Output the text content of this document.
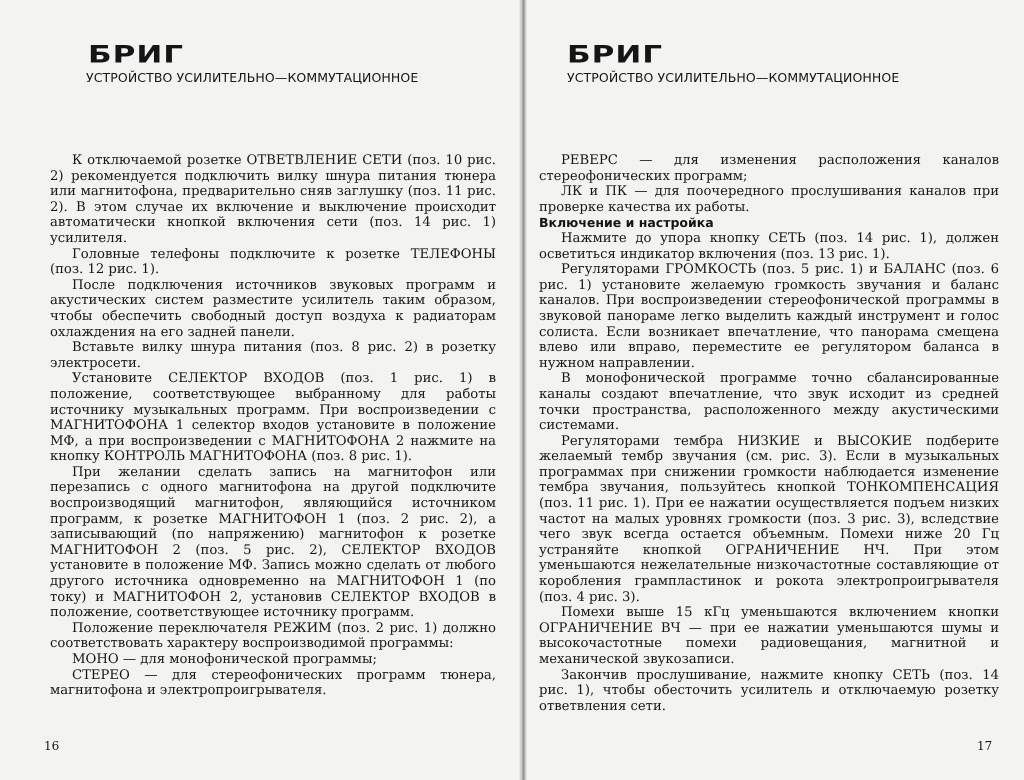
БРИГ
УСТРОЙСТВО УСИЛИТЕЛЬНО—КОММУТАЦИОННОЕ

К отключаемой розетке ОТВЕТВЛЕНИЕ СЕТИ (поз. 10 рис. 2) рекомендуется подключить вилку шнура питания тюнера или магнитофона, предварительно сняв заглушку (поз. 11 рис. 2). В этом случае их включение и выключение происходит автоматически кнопкой включения сети (поз. 14 рис. 1) усилителя.

Головные телефоны подключите к розетке ТЕЛЕФОНЫ (поз. 12 рис. 1).

После подключения источников звуковых программ и акустических систем разместите усилитель таким образом, чтобы обеспечить свободный доступ воздуха к радиаторам охлаждения на его задней панели.

Вставьте вилку шнура питания (поз. 8 рис. 2) в розетку электросети.

Установите СЕЛЕКТОР ВХОДОВ (поз. 1 рис. 1) в положение, соответствующее выбранному для работы источнику музыкальных программ. При воспроизведении с МАГНИТОФОНА 1 селектор входов установите в положение МФ, а при воспроизведении с МАГНИТОФОНА 2 нажмите на кнопку КОНТРОЛЬ МАГНИТОФОНА (поз. 8 рис. 1).

При желании сделать запись на магнитофон или перезапись с одного магнитофона на другой подключите воспроизводящий магнитофон, являющийся источником программ, к розетке МАГНИТОФОН 1 (поз. 2 рис. 2), а записывающий (по напряжению) магнитофон к розетке МАГНИТОФОН 2 (поз. 5 рис. 2), СЕЛЕКТОР ВХОДОВ установите в положение МФ. Запись можно сделать от любого другого источника одновременно на МАГНИТОФОН 1 (по току) и МАГНИТОФОН 2, установив СЕЛЕКТОР ВХОДОВ в положение, соответствующее источнику программ.

Положение переключателя РЕЖИМ (поз. 2 рис. 1) должно соответствовать характеру воспроизводимой программы:

МОНО — для монофонической программы;

СТЕРЕО — для стереофонических программ тюнера, магнитофона и электропроигрывателя.

16
БРИГ
УСТРОЙСТВО УСИЛИТЕЛЬНО—КОММУТАЦИОННОЕ

РЕВЕРС — для изменения расположения каналов стереофонических программ;

ЛК и ПК — для поочередного прослушивания каналов при проверке качества их работы.

Включение и настройка

Нажмите до упора кнопку СЕТЬ (поз. 14 рис. 1), должен осветиться индикатор включения (поз. 13 рис. 1).

Регуляторами ГРОМКОСТЬ (поз. 5 рис. 1) и БАЛАНС (поз. 6 рис. 1) установите желаемую громкость звучания и баланс каналов. При воспроизведении стереофонической программы в звуковой панораме легко выделить каждый инструмент и голос солиста. Если возникает впечатление, что панорама смещена влево или вправо, переместите ее регулятором баланса в нужном направлении.

В монофонической программе точно сбалансированные каналы создают впечатление, что звук исходит из средней точки пространства, расположенного между акустическими системами.

Регуляторами тембра НИЗКИЕ и ВЫСОКИЕ подберите желаемый тембр звучания (см. рис. 3). Если в музыкальных программах при снижении громкости наблюдается изменение тембра звучания, пользуйтесь кнопкой ТОНКОМПЕНСАЦИЯ (поз. 11 рис. 1). При ее нажатии осуществляется подъем низких частот на малых уровнях громкости (поз. 3 рис. 3), вследствие чего звук всегда остается объемным. Помехи ниже 20 Гц устраняйте кнопкой ОГРАНИЧЕНИЕ НЧ. При этом уменьшаются нежелательные низкочастотные составляющие от коробления грампластинок и рокота электропроигрывателя (поз. 4 рис. 3).

Помехи выше 15 кГц уменьшаются включением кнопки ОГРАНИЧЕНИЕ ВЧ — при ее нажатии уменьшаются шумы и высокочастотные помехи радиовещания, магнитной и механической звукозаписи.

Закончив прослушивание, нажмите кнопку СЕТЬ (поз. 14 рис. 1), чтобы обесточить усилитель и отключаемую розетку ответвления сети.

17
